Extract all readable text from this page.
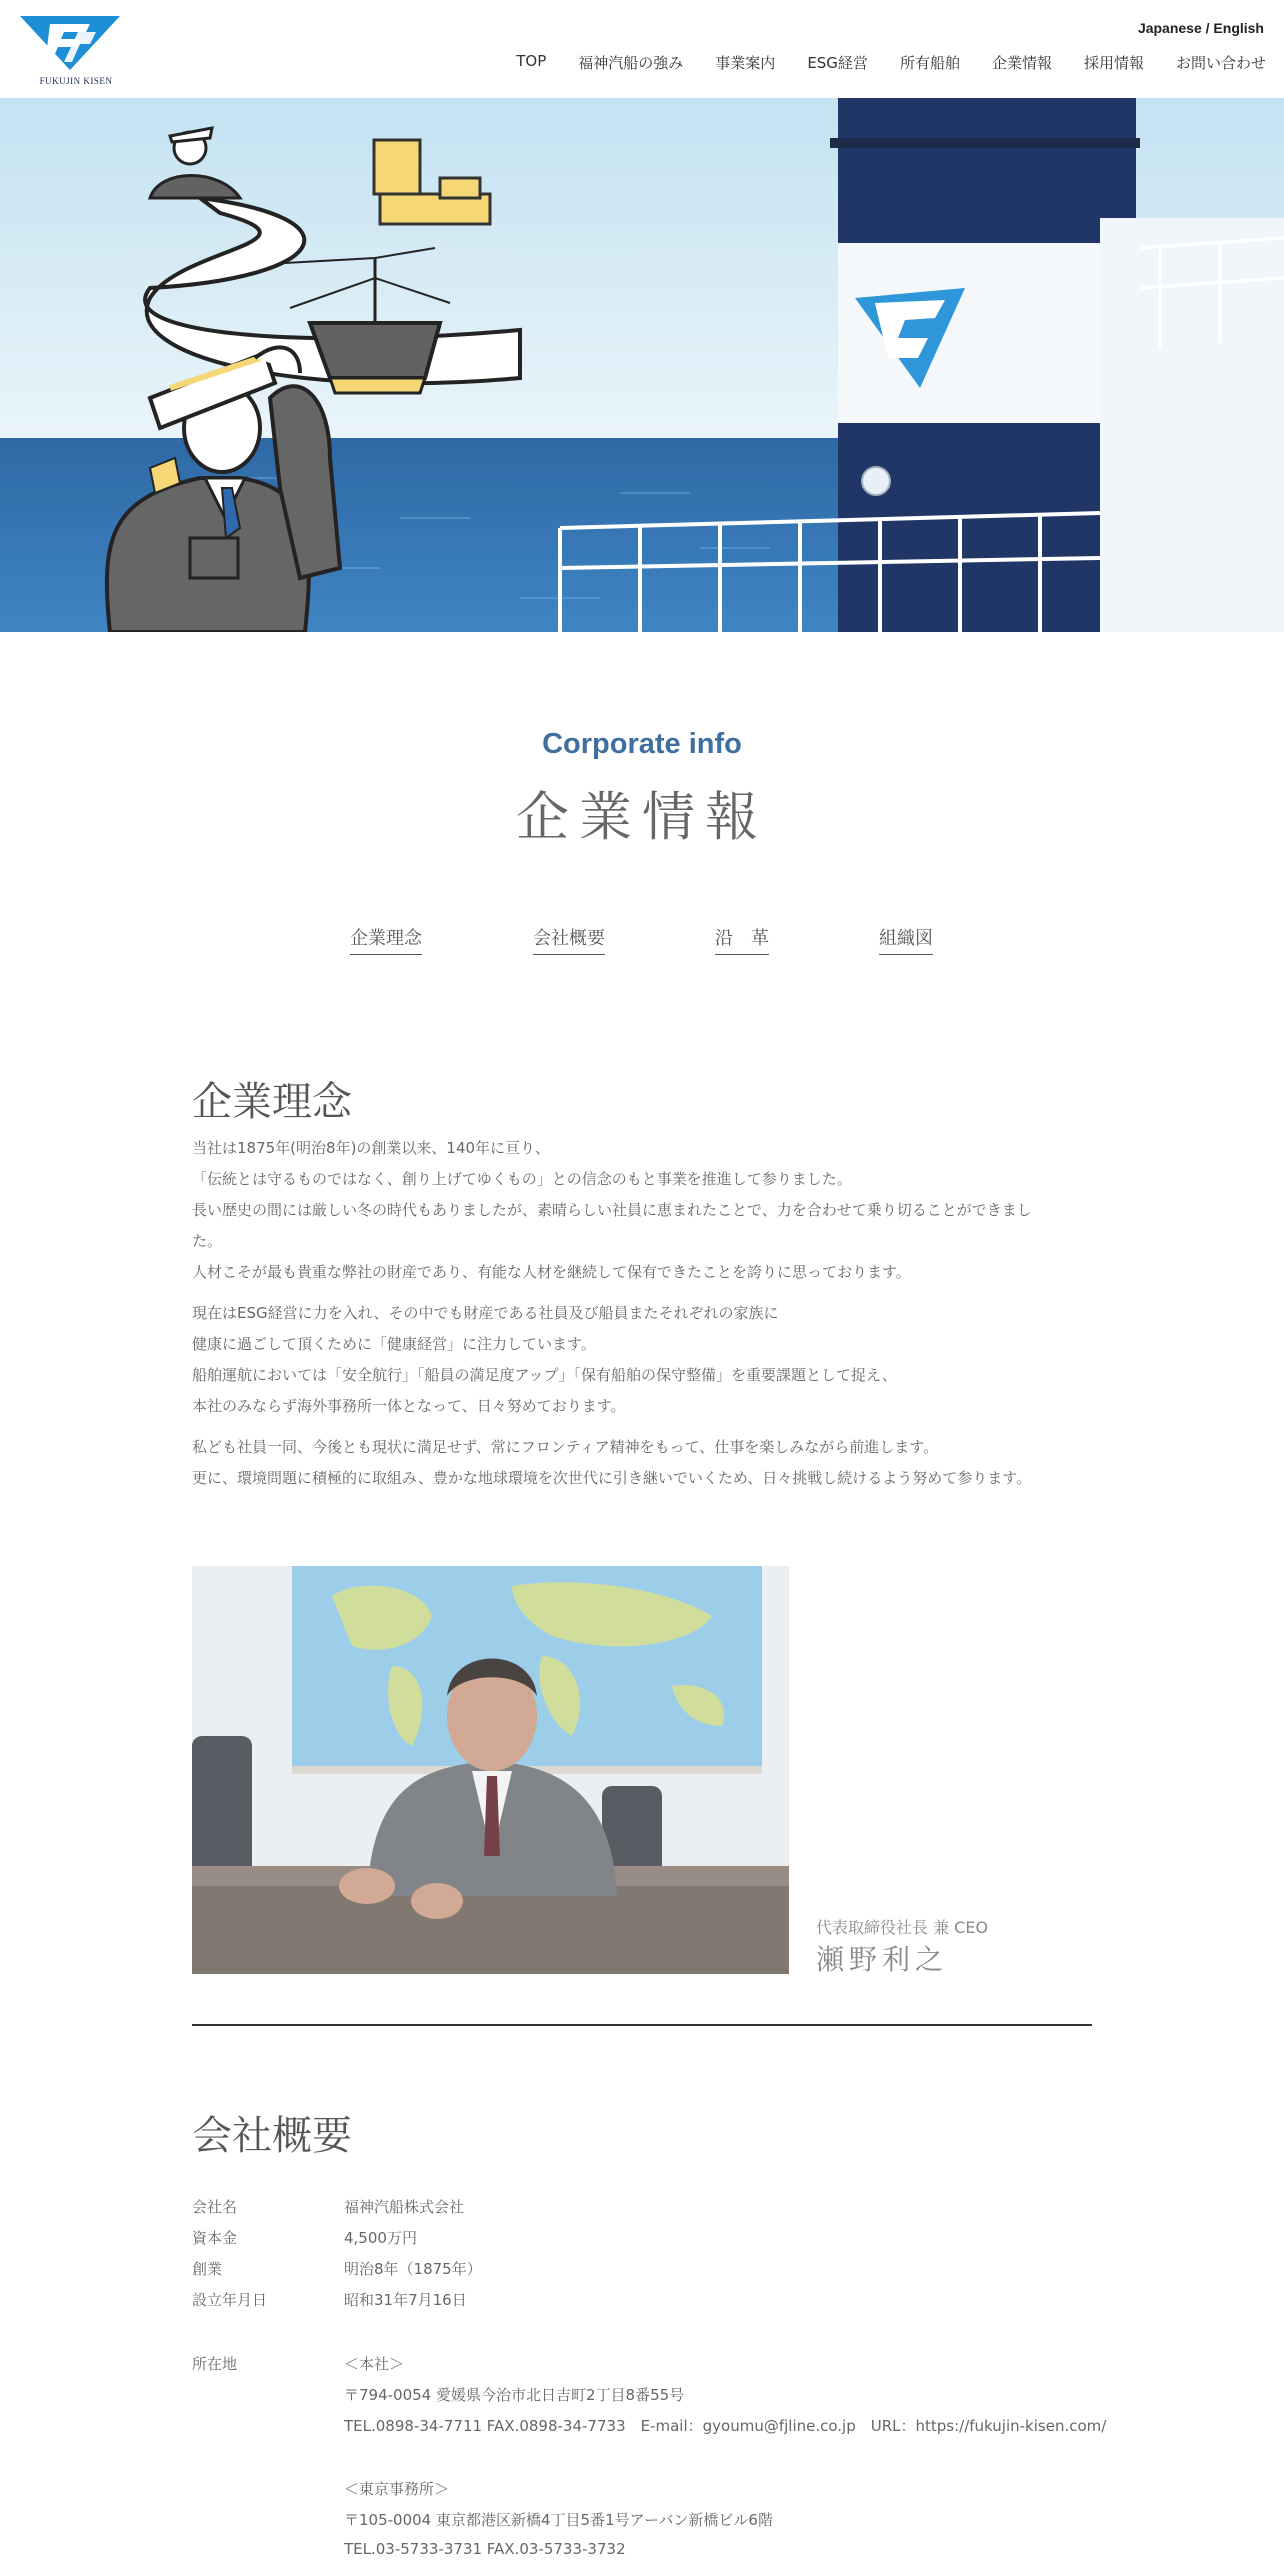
FUKUJIN KISEN
Japanese / English
TOP	福神汽船の強み	事業案内	ESG経営	所有船舶	企業情報	採用情報	お問い合わせ
Corporate info
企業情報
企業理念	会社概要	沿　革	組織図
企業理念
当社は1875年(明治8年)の創業以来、140年に亘り、
「伝統とは守るものではなく、創り上げてゆくもの」との信念のもと事業を推進して参りました。
長い歴史の間には厳しい冬の時代もありましたが、素晴らしい社員に恵まれたことで、力を合わせて乗り切ることができまし
た。
人材こそが最も貴重な弊社の財産であり、有能な人材を継続して保有できたことを誇りに思っております。
現在はESG経営に力を入れ、その中でも財産である社員及び船員またそれぞれの家族に
健康に過ごして頂くために「健康経営」に注力しています。
船舶運航においては「安全航行」「船員の満足度アップ」「保有船舶の保守整備」を重要課題として捉え、
本社のみならず海外事務所一体となって、日々努めております。
私ども社員一同、今後とも現状に満足せず、常にフロンティア精神をもって、仕事を楽しみながら前進します。
更に、環境問題に積極的に取組み、豊かな地球環境を次世代に引き継いでいくため、日々挑戦し続けるよう努めて参ります。
代表取締役社長 兼 CEO
瀬野利之
会社概要
会社名	福神汽船株式会社
資本金	4,500万円
創業	明治8年（1875年）
設立年月日	昭和31年7月16日
所在地	＜本社＞
〒794-0054 愛媛県今治市北日吉町2丁目8番55号
TEL.0898-34-7711 FAX.0898-34-7733　E-mail：gyoumu@fjline.co.jp　URL：https://fukujin-kisen.com/
＜東京事務所＞
〒105-0004 東京都港区新橋4丁目5番1号アーバン新橋ビル6階
TEL.03-5733-3731 FAX.03-5733-3732
